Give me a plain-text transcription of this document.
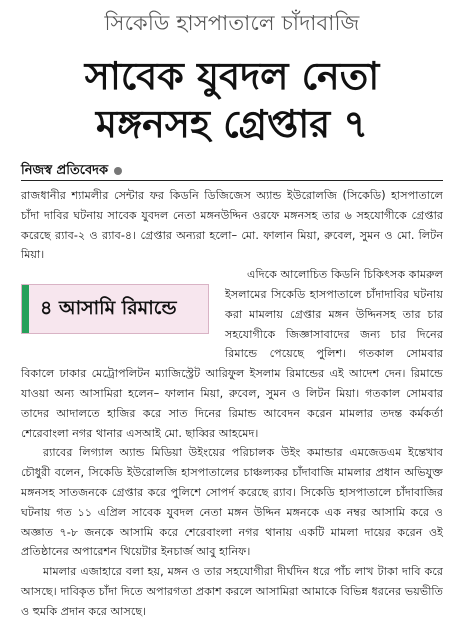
সিকেডি হাসপাতালে চাঁদাবাজি
সাবেক যুবদল নেতা
মঙ্গনসহ গ্রেপ্তার ৭
নিজস্ব প্রতিবেদক

রাজধানীর শ্যামলীর সেন্টার ফর কিডনি ডিজিজেস অ্যান্ড ইউরোলজি (সিকেডি) হাসপাতালে চাঁদা দাবির ঘটনায় সাবেক যুবদল নেতা মঙ্গনউদ্দিন ওরফে মঙ্গনসহ তার ৬ সহযোগীকে গ্রেপ্তার করেছে র‍্যাব-২ ও র‍্যাব-৪। গ্রেপ্তার অন্যরা হলো– মো. ফালান মিয়া, রুবেল, সুমন ও মো. লিটন মিয়া।

৪ আসামি রিমান্ডে

এদিকে আলোচিত কিডনি চিকিৎসক কামরুল ইসলামের সিকেডি হাসপাতালে চাঁদাদাবির ঘটনায় করা মামলায় গ্রেপ্তার মঙ্গন উদ্দিনসহ তার চার সহযোগীকে জিজ্ঞাসাবাদের জন্য চার দিনের রিমান্ডে পেয়েছে পুলিশ। গতকাল সোমবার বিকালে ঢাকার মেট্রোপলিটন ম্যাজিস্ট্রেট আরিফুল ইসলাম রিমান্ডের এই আদেশ দেন। রিমান্ডে যাওয়া অন্য আসামিরা হলেন– ফালান মিয়া, রুবেল, সুমন ও লিটন মিয়া। গতকাল সোমবার তাদের আদালতে হাজির করে সাত দিনের রিমান্ড আবেদন করেন মামলার তদন্ত কর্মকর্তা শেরেবাংলা নগর থানার এসআই মো. ছাব্বির আহমেদ।

র‍্যাবের লিগ্যাল অ্যান্ড মিডিয়া উইংয়ের পরিচালক উইং কমান্ডার এমজেডএম ইন্তেখাব চৌধুরী বলেন, সিকেডি ইউরোলজি হাসপাতালের চাঞ্চল্যকর চাঁদাবাজি মামলার প্রধান অভিযুক্ত মঙ্গনসহ সাতজনকে গ্রেপ্তার করে পুলিশে সোপর্দ করেছে র‍্যাব। সিকেডি হাসপাতালে চাঁদাবাজির ঘটনায় গত ১১ এপ্রিল সাবেক যুবদল নেতা মঙ্গন উদ্দিন মঙ্গনকে এক নম্বর আসামি করে ও অজ্ঞাত ৭-৮ জনকে আসামি করে শেরেবাংলা নগর থানায় একটি মামলা দায়ের করেন ওই প্রতিষ্ঠানের অপারেশন থিয়েটার ইনচার্জ আবু হানিফ।

মামলার এজাহারে বলা হয়, মঙ্গন ও তার সহযোগীরা দীর্ঘদিন ধরে পাঁচ লাখ টাকা দাবি করে আসছে। দাবিকৃত চাঁদা দিতে অপারগতা প্রকাশ করলে আসামিরা আমাকে বিভিন্ন ধরনের ভয়ভীতি ও হুমকি প্রদান করে আসছে।
